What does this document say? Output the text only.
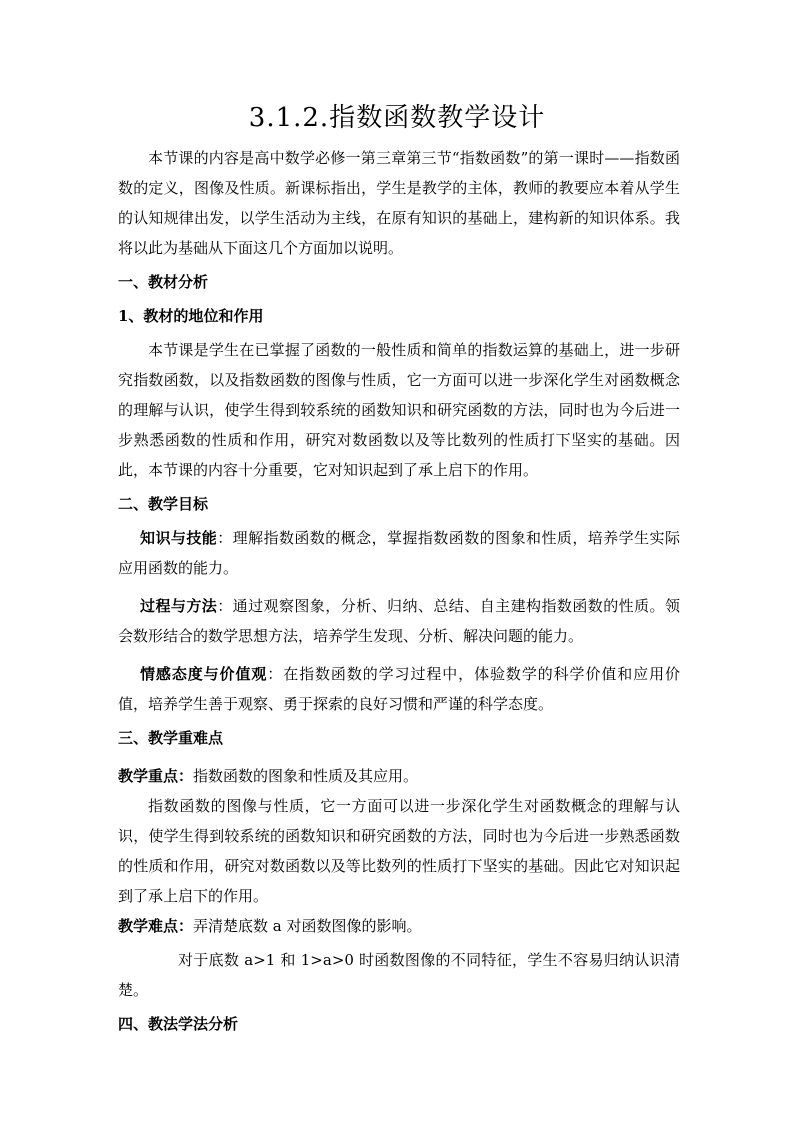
3.1.2.指数函数教学设计

本节课的内容是高中数学必修一第三章第三节“指数函数”的第一课时——指数函数的定义，图像及性质。新课标指出，学生是教学的主体，教师的教要应本着从学生的认知规律出发，以学生活动为主线，在原有知识的基础上，建构新的知识体系。我将以此为基础从下面这几个方面加以说明。

一、教材分析

1、教材的地位和作用

本节课是学生在已掌握了函数的一般性质和简单的指数运算的基础上，进一步研究指数函数，以及指数函数的图像与性质，它一方面可以进一步深化学生对函数概念的理解与认识，使学生得到较系统的函数知识和研究函数的方法，同时也为今后进一步熟悉函数的性质和作用，研究对数函数以及等比数列的性质打下坚实的基础。因此，本节课的内容十分重要，它对知识起到了承上启下的作用。

二、教学目标

知识与技能：理解指数函数的概念，掌握指数函数的图象和性质，培养学生实际应用函数的能力。

过程与方法：通过观察图象，分析、归纳、总结、自主建构指数函数的性质。领会数形结合的数学思想方法，培养学生发现、分析、解决问题的能力。

情感态度与价值观：在指数函数的学习过程中，体验数学的科学价值和应用价值，培养学生善于观察、勇于探索的良好习惯和严谨的科学态度。

三、教学重难点

教学重点：指数函数的图象和性质及其应用。

指数函数的图像与性质，它一方面可以进一步深化学生对函数概念的理解与认识，使学生得到较系统的函数知识和研究函数的方法，同时也为今后进一步熟悉函数的性质和作用，研究对数函数以及等比数列的性质打下坚实的基础。因此它对知识起到了承上启下的作用。

教学难点：弄清楚底数 a 对函数图像的影响。

对于底数 a>1 和 1>a>0 时函数图像的不同特征，学生不容易归纳认识清楚。

四、教法学法分析
